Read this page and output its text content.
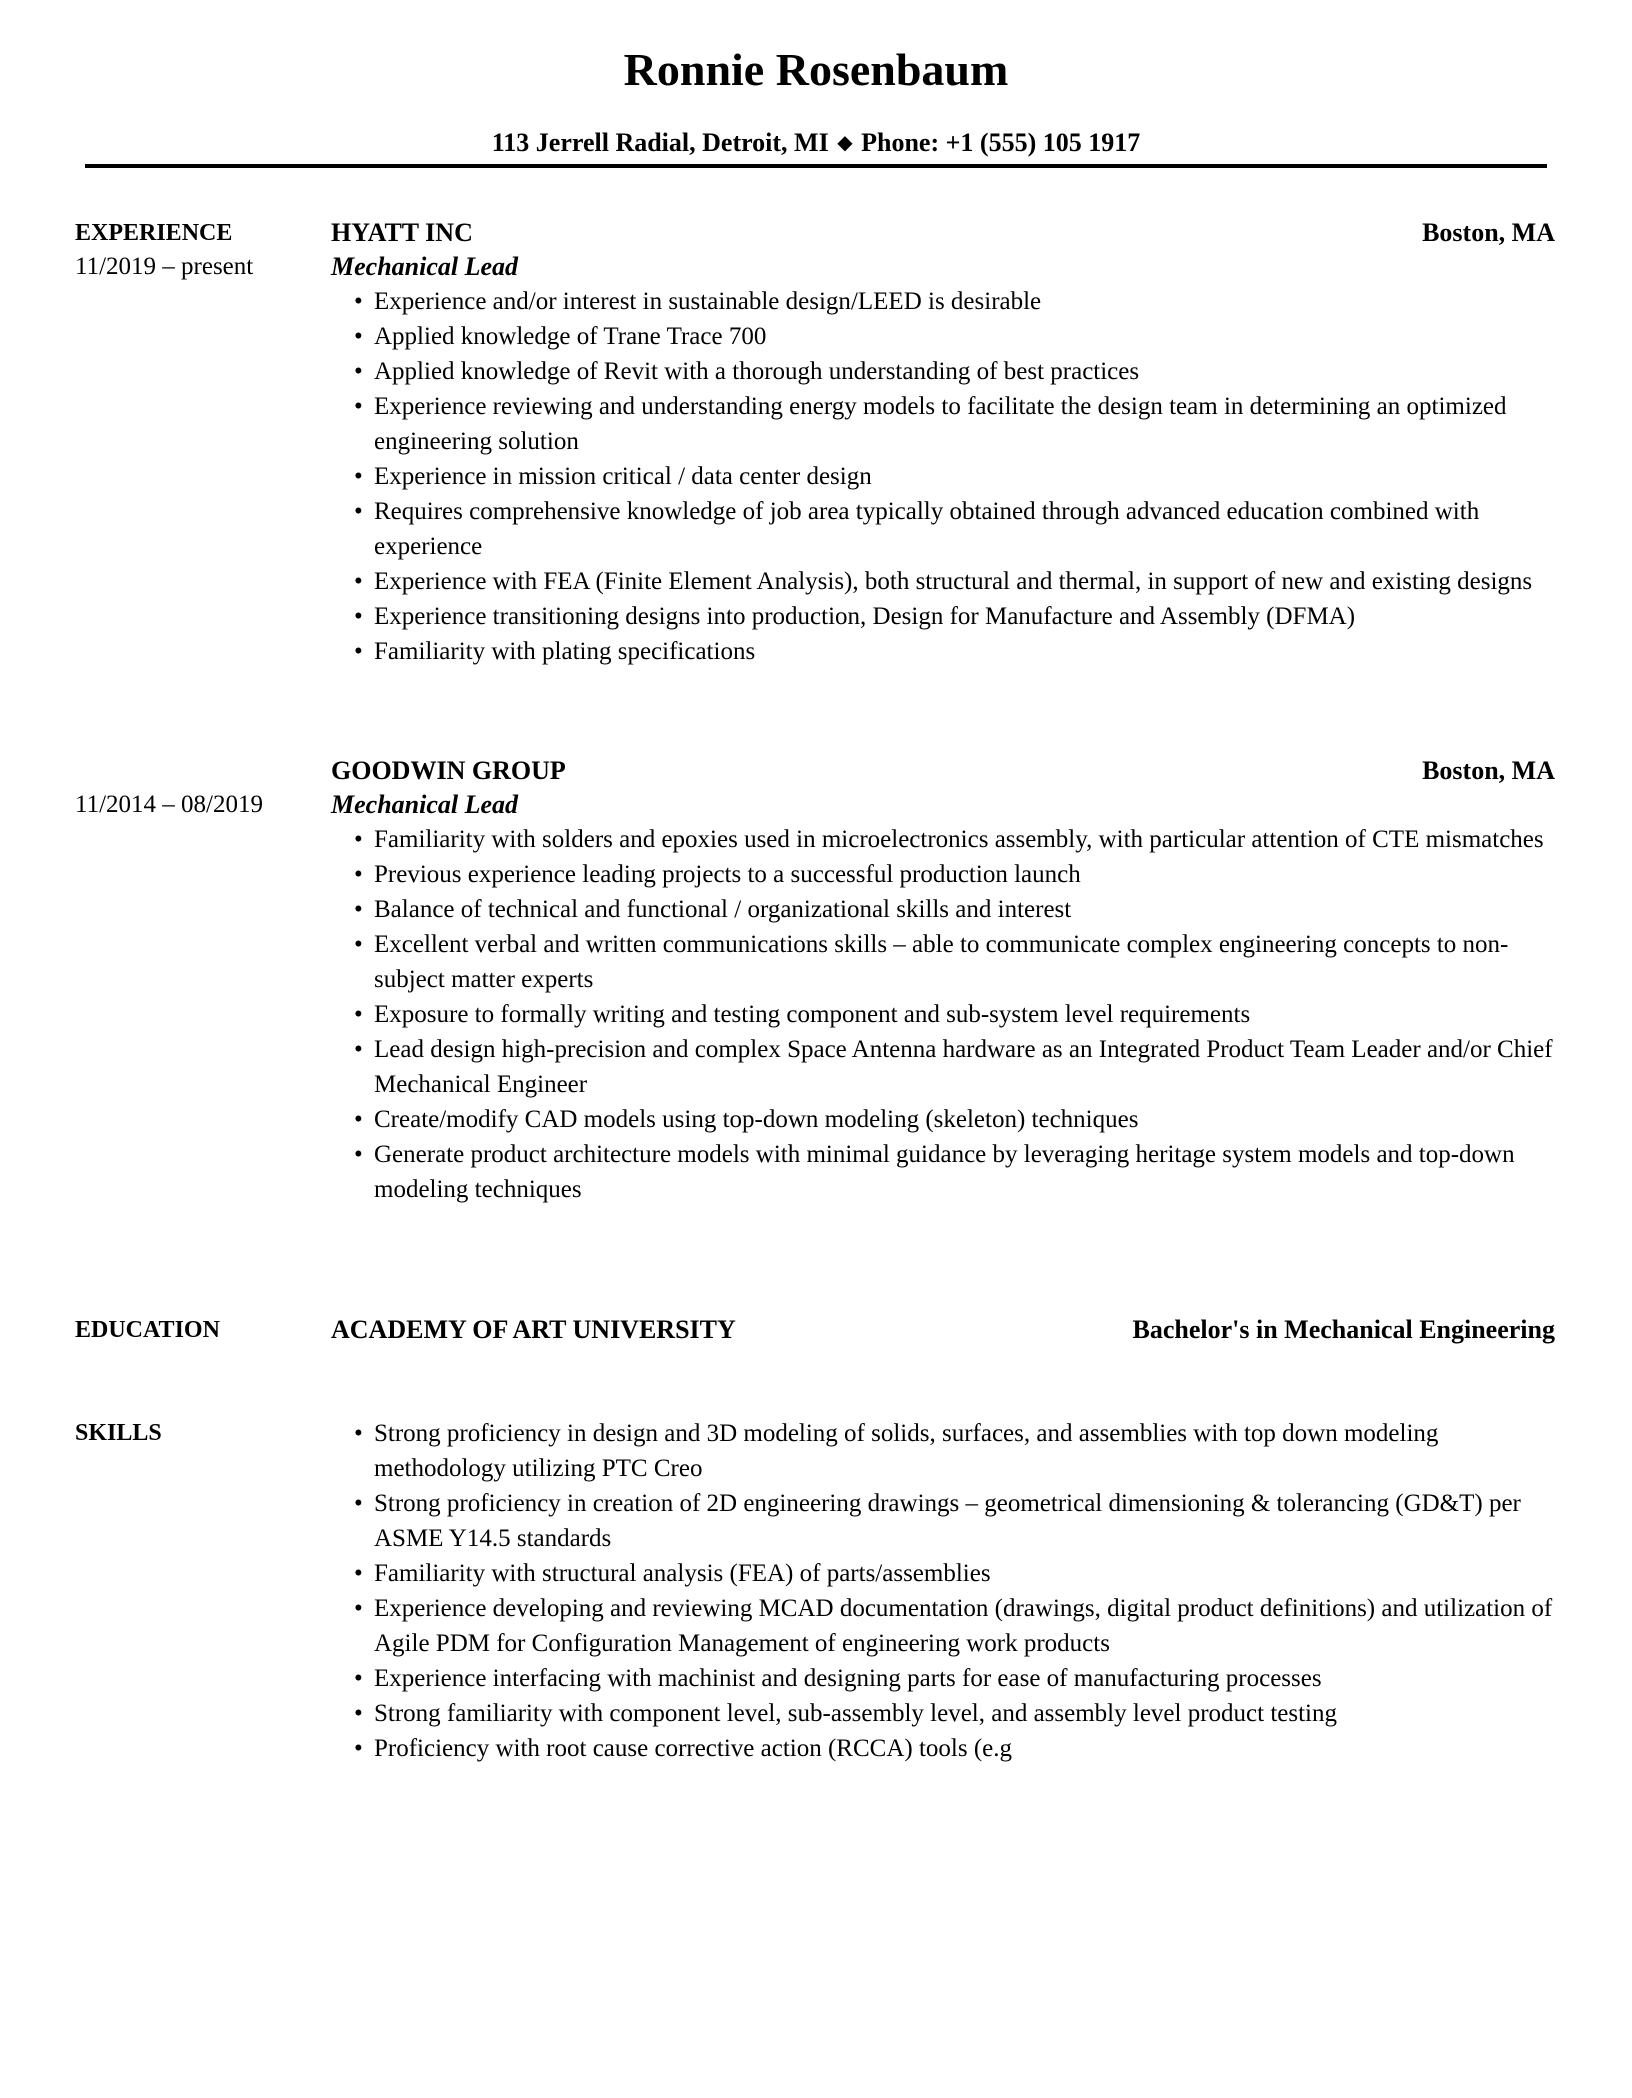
Ronnie Rosenbaum
113 Jerrell Radial, Detroit, MI ◆ Phone: +1 (555) 105 1917
EXPERIENCE	HYATT INC	Boston, MA
11/2019 – present	Mechanical Lead
• Experience and/or interest in sustainable design/LEED is desirable
• Applied knowledge of Trane Trace 700
• Applied knowledge of Revit with a thorough understanding of best practices
• Experience reviewing and understanding energy models to facilitate the design team in determining an optimized engineering solution
• Experience in mission critical / data center design
• Requires comprehensive knowledge of job area typically obtained through advanced education combined with experience
• Experience with FEA (Finite Element Analysis), both structural and thermal, in support of new and existing designs
• Experience transitioning designs into production, Design for Manufacture and Assembly (DFMA)
• Familiarity with plating specifications
GOODWIN GROUP	Boston, MA
11/2014 – 08/2019	Mechanical Lead
• Familiarity with solders and epoxies used in microelectronics assembly, with particular attention of CTE mismatches
• Previous experience leading projects to a successful production launch
• Balance of technical and functional / organizational skills and interest
• Excellent verbal and written communications skills – able to communicate complex engineering concepts to non-subject matter experts
• Exposure to formally writing and testing component and sub-system level requirements
• Lead design high-precision and complex Space Antenna hardware as an Integrated Product Team Leader and/or Chief Mechanical Engineer
• Create/modify CAD models using top-down modeling (skeleton) techniques
• Generate product architecture models with minimal guidance by leveraging heritage system models and top-down modeling techniques
EDUCATION	ACADEMY OF ART UNIVERSITY	Bachelor's in Mechanical Engineering
SKILLS	• Strong proficiency in design and 3D modeling of solids, surfaces, and assemblies with top down modeling methodology utilizing PTC Creo
• Strong proficiency in creation of 2D engineering drawings – geometrical dimensioning & tolerancing (GD&T) per ASME Y14.5 standards
• Familiarity with structural analysis (FEA) of parts/assemblies
• Experience developing and reviewing MCAD documentation (drawings, digital product definitions) and utilization of Agile PDM for Configuration Management of engineering work products
• Experience interfacing with machinist and designing parts for ease of manufacturing processes
• Strong familiarity with component level, sub-assembly level, and assembly level product testing
• Proficiency with root cause corrective action (RCCA) tools (e.g
